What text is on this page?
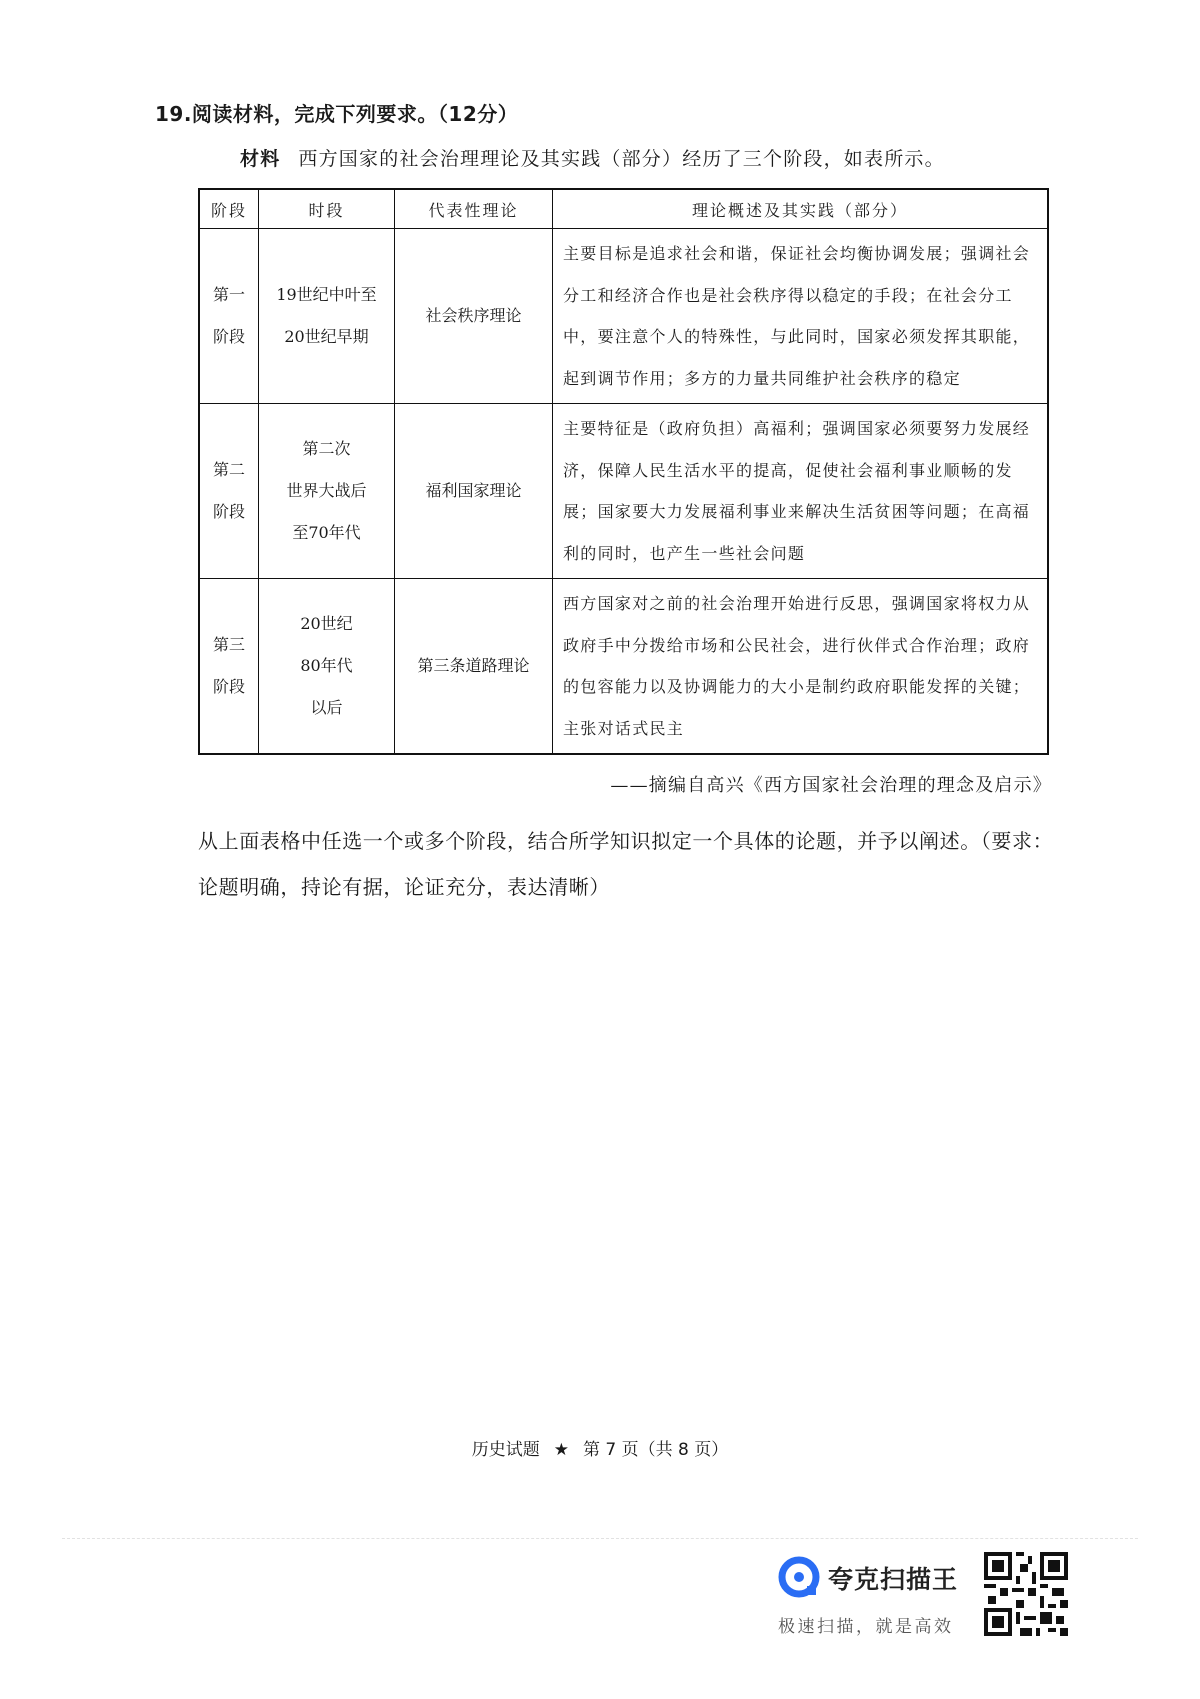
19.阅读材料，完成下列要求。（12分）
材料 西方国家的社会治理理论及其实践（部分）经历了三个阶段，如表所示。
阶段	时段	代表性理论	理论概述及其实践（部分）

第一
阶段	19世纪中叶至
20世纪早期	社会秩序理论	主要目标是追求社会和谐，保证社会均衡协调发展；强调社会分工和经济合作也是社会秩序得以稳定的手段；在社会分工中，要注意个人的特殊性，与此同时，国家必须发挥其职能，起到调节作用；多方的力量共同维护社会秩序的稳定

第二
阶段	第二次
世界大战后
至70年代	福利国家理论	主要特征是（政府负担）高福利；强调国家必须要努力发展经济，保障人民生活水平的提高，促使社会福利事业顺畅的发展；国家要大力发展福利事业来解决生活贫困等问题；在高福利的同时，也产生一些社会问题

第三
阶段	20世纪
80年代
以后	第三条道路理论	西方国家对之前的社会治理开始进行反思，强调国家将权力从政府手中分拨给市场和公民社会，进行伙伴式合作治理；政府的包容能力以及协调能力的大小是制约政府职能发挥的关键；主张对话式民主
——摘编自高兴《西方国家社会治理的理念及启示》
从上面表格中任选一个或多个阶段，结合所学知识拟定一个具体的论题，并予以阐述。（要求：论题明确，持论有据，论证充分，表达清晰）
历史试题 ★ 第 7 页（共 8 页）
夸克扫描王
极速扫描，就是高效
